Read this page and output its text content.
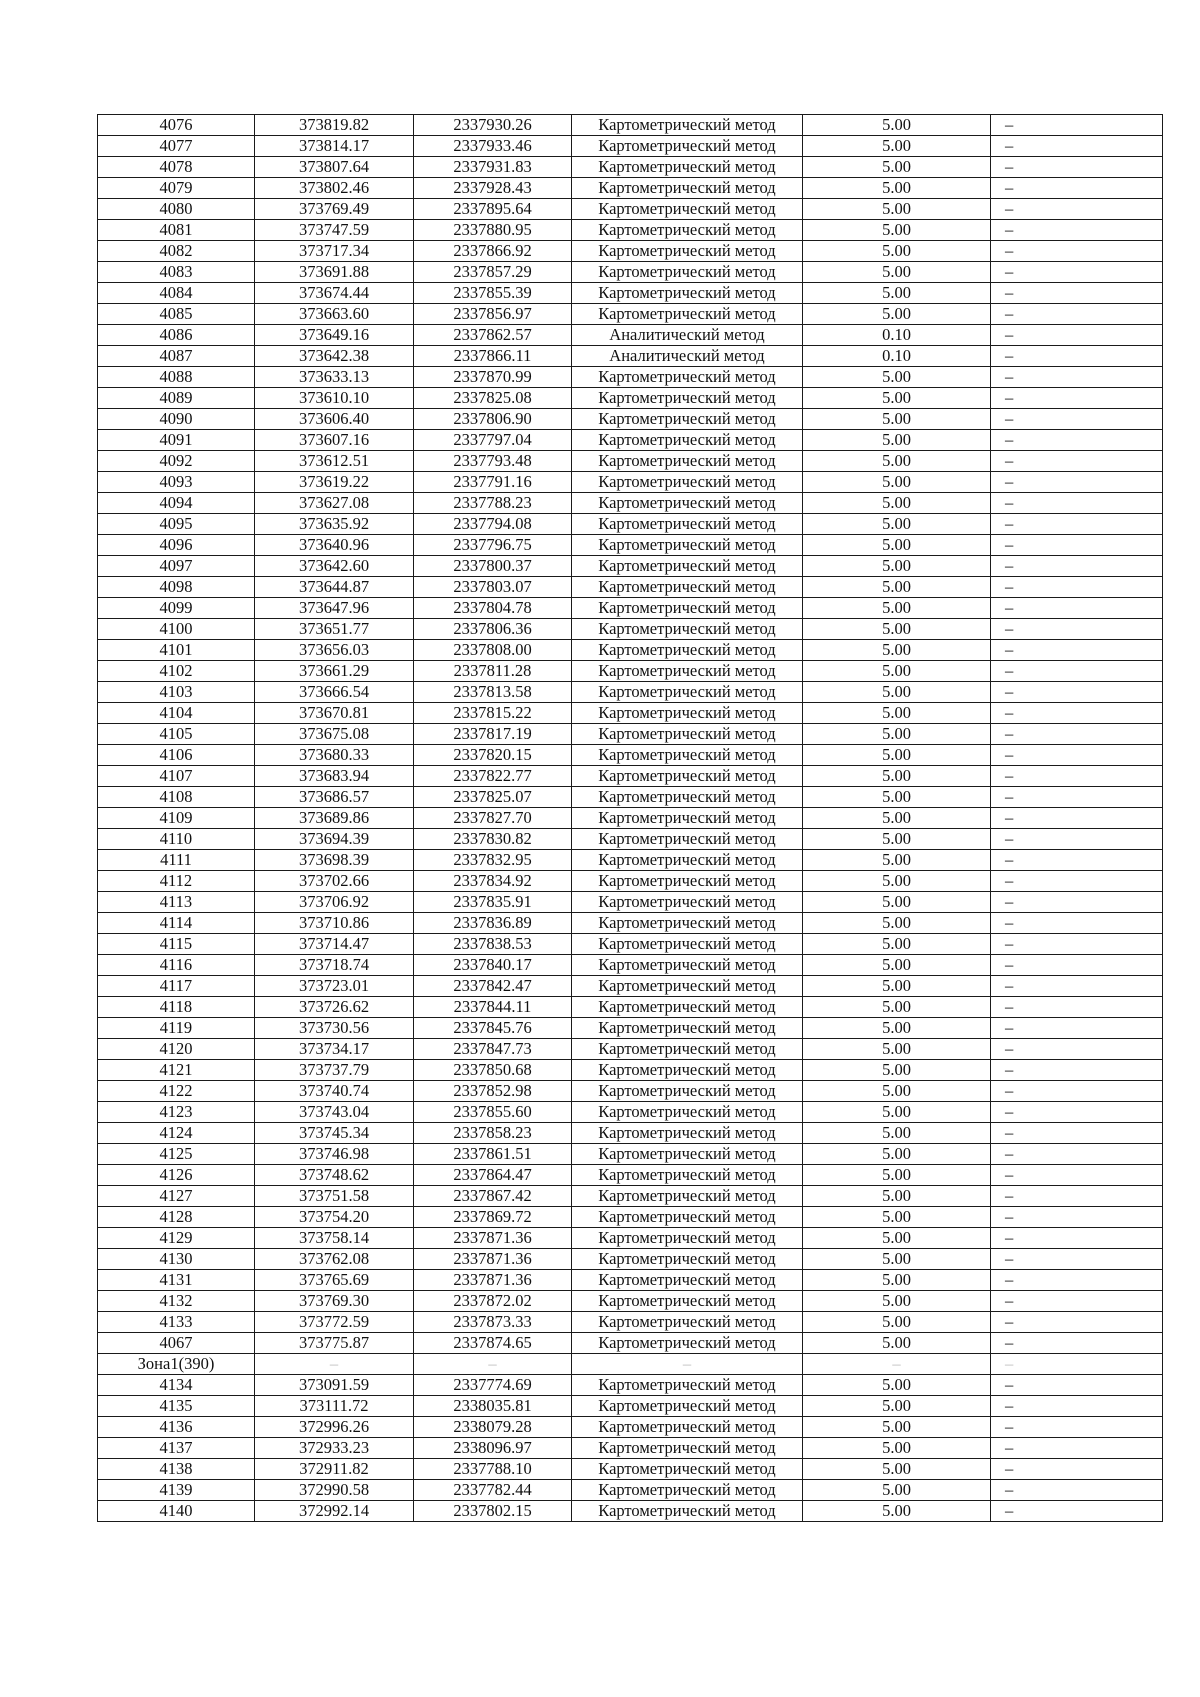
4076	373819.82	2337930.26	Картометрический метод	5.00	–
4077	373814.17	2337933.46	Картометрический метод	5.00	–
4078	373807.64	2337931.83	Картометрический метод	5.00	–
4079	373802.46	2337928.43	Картометрический метод	5.00	–
4080	373769.49	2337895.64	Картометрический метод	5.00	–
4081	373747.59	2337880.95	Картометрический метод	5.00	–
4082	373717.34	2337866.92	Картометрический метод	5.00	–
4083	373691.88	2337857.29	Картометрический метод	5.00	–
4084	373674.44	2337855.39	Картометрический метод	5.00	–
4085	373663.60	2337856.97	Картометрический метод	5.00	–
4086	373649.16	2337862.57	Аналитический метод	0.10	–
4087	373642.38	2337866.11	Аналитический метод	0.10	–
4088	373633.13	2337870.99	Картометрический метод	5.00	–
4089	373610.10	2337825.08	Картометрический метод	5.00	–
4090	373606.40	2337806.90	Картометрический метод	5.00	–
4091	373607.16	2337797.04	Картометрический метод	5.00	–
4092	373612.51	2337793.48	Картометрический метод	5.00	–
4093	373619.22	2337791.16	Картометрический метод	5.00	–
4094	373627.08	2337788.23	Картометрический метод	5.00	–
4095	373635.92	2337794.08	Картометрический метод	5.00	–
4096	373640.96	2337796.75	Картометрический метод	5.00	–
4097	373642.60	2337800.37	Картометрический метод	5.00	–
4098	373644.87	2337803.07	Картометрический метод	5.00	–
4099	373647.96	2337804.78	Картометрический метод	5.00	–
4100	373651.77	2337806.36	Картометрический метод	5.00	–
4101	373656.03	2337808.00	Картометрический метод	5.00	–
4102	373661.29	2337811.28	Картометрический метод	5.00	–
4103	373666.54	2337813.58	Картометрический метод	5.00	–
4104	373670.81	2337815.22	Картометрический метод	5.00	–
4105	373675.08	2337817.19	Картометрический метод	5.00	–
4106	373680.33	2337820.15	Картометрический метод	5.00	–
4107	373683.94	2337822.77	Картометрический метод	5.00	–
4108	373686.57	2337825.07	Картометрический метод	5.00	–
4109	373689.86	2337827.70	Картометрический метод	5.00	–
4110	373694.39	2337830.82	Картометрический метод	5.00	–
4111	373698.39	2337832.95	Картометрический метод	5.00	–
4112	373702.66	2337834.92	Картометрический метод	5.00	–
4113	373706.92	2337835.91	Картометрический метод	5.00	–
4114	373710.86	2337836.89	Картометрический метод	5.00	–
4115	373714.47	2337838.53	Картометрический метод	5.00	–
4116	373718.74	2337840.17	Картометрический метод	5.00	–
4117	373723.01	2337842.47	Картометрический метод	5.00	–
4118	373726.62	2337844.11	Картометрический метод	5.00	–
4119	373730.56	2337845.76	Картометрический метод	5.00	–
4120	373734.17	2337847.73	Картометрический метод	5.00	–
4121	373737.79	2337850.68	Картометрический метод	5.00	–
4122	373740.74	2337852.98	Картометрический метод	5.00	–
4123	373743.04	2337855.60	Картометрический метод	5.00	–
4124	373745.34	2337858.23	Картометрический метод	5.00	–
4125	373746.98	2337861.51	Картометрический метод	5.00	–
4126	373748.62	2337864.47	Картометрический метод	5.00	–
4127	373751.58	2337867.42	Картометрический метод	5.00	–
4128	373754.20	2337869.72	Картометрический метод	5.00	–
4129	373758.14	2337871.36	Картометрический метод	5.00	–
4130	373762.08	2337871.36	Картометрический метод	5.00	–
4131	373765.69	2337871.36	Картометрический метод	5.00	–
4132	373769.30	2337872.02	Картометрический метод	5.00	–
4133	373772.59	2337873.33	Картометрический метод	5.00	–
4067	373775.87	2337874.65	Картометрический метод	5.00	–
Зона1(390)	–	–	–	–	–
4134	373091.59	2337774.69	Картометрический метод	5.00	–
4135	373111.72	2338035.81	Картометрический метод	5.00	–
4136	372996.26	2338079.28	Картометрический метод	5.00	–
4137	372933.23	2338096.97	Картометрический метод	5.00	–
4138	372911.82	2337788.10	Картометрический метод	5.00	–
4139	372990.58	2337782.44	Картометрический метод	5.00	–
4140	372992.14	2337802.15	Картометрический метод	5.00	–
